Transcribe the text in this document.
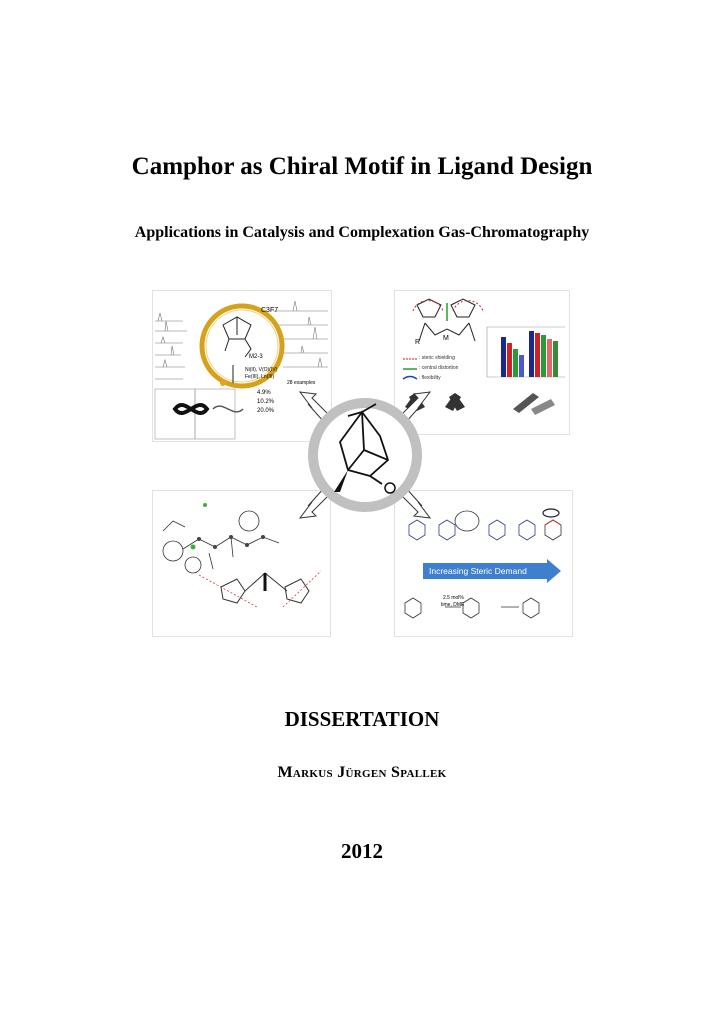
Camphor as Chiral Motif in Ligand Design
Applications in Catalysis and Complexation Gas-Chromatography
C3F7
M2-3
Ni(II), V(O)(IV)
Fe(III), Ln(III)
28 examples
4.9%
10.2%
20.0%
: steric shielding
: central distortion
: flexibility
R
M
Increasing Steric Demand
2.5 mol%
time, DME
DISSERTATION
Markus Jürgen Spallek
2012
